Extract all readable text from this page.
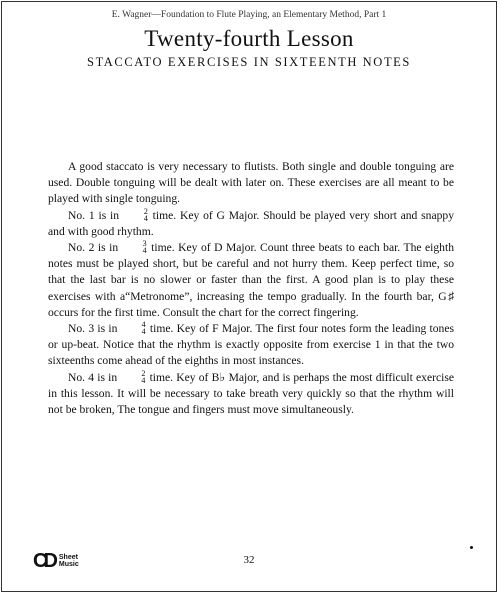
E. Wagner—Foundation to Flute Playing, an Elementary Method, Part 1
Twenty-fourth Lesson
STACCATO EXERCISES IN SIXTEENTH NOTES

A good staccato is very necessary to flutists. Both single and double tonguing are used. Double tonguing will be dealt with later on. These exercises are all meant to be played with single tonguing.

No. 1 is in	2
4 time. Key of G Major. Should be played very short and snappy and with good rhythm.

No. 2 is in	3
4 time. Key of D Major. Count three beats to each bar. The eighth notes must be played short, but be careful and not hurry them. Keep perfect time, so that the last bar is no slower or faster than the first. A good plan is to play these exercises with a“Metronome”, increasing the tempo gradually. In the fourth bar, G♯ occurs for the first time. Consult the chart for the correct fingering.

No. 3 is in	4
4 time. Key of F Major. The first four notes form the leading tones or up-beat. Notice that the rhythm is exactly opposite from exercise 1 in that the two sixteenths come ahead of the eighths in most instances.

No. 4 is in	2
4 time. Key of B♭ Major, and is perhaps the most difficult exercise in this lesson. It will be necessary to take breath very quickly so that the rhythm will not be broken, The tongue and fingers must move simultaneously.

CD Sheet
Music	32
